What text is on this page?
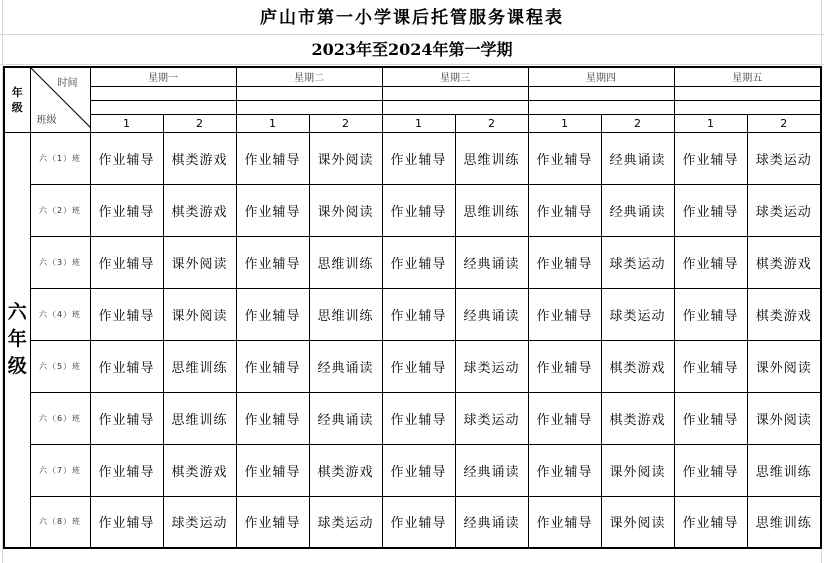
庐山市第一小学课后托管服务课程表
2023年至2024年第一学期
年级	时间
班级	星期一		星期二		星期三		星期四		星期五	

		1	2	1	2	1	2	1	2	1	2

六年级	六（1）班	作业辅导	棋类游戏	作业辅导	课外阅读	作业辅导	思维训练	作业辅导	经典诵读	作业辅导	球类运动
	六（2）班	作业辅导	棋类游戏	作业辅导	课外阅读	作业辅导	思维训练	作业辅导	经典诵读	作业辅导	球类运动
	六（3）班	作业辅导	课外阅读	作业辅导	思维训练	作业辅导	经典诵读	作业辅导	球类运动	作业辅导	棋类游戏
	六（4）班	作业辅导	课外阅读	作业辅导	思维训练	作业辅导	经典诵读	作业辅导	球类运动	作业辅导	棋类游戏
	六（5）班	作业辅导	思维训练	作业辅导	经典诵读	作业辅导	球类运动	作业辅导	棋类游戏	作业辅导	课外阅读
	六（6）班	作业辅导	思维训练	作业辅导	经典诵读	作业辅导	球类运动	作业辅导	棋类游戏	作业辅导	课外阅读
	六（7）班	作业辅导	棋类游戏	作业辅导	棋类游戏	作业辅导	经典诵读	作业辅导	课外阅读	作业辅导	思维训练
	六（8）班	作业辅导	球类运动	作业辅导	球类运动	作业辅导	经典诵读	作业辅导	课外阅读	作业辅导	思维训练
